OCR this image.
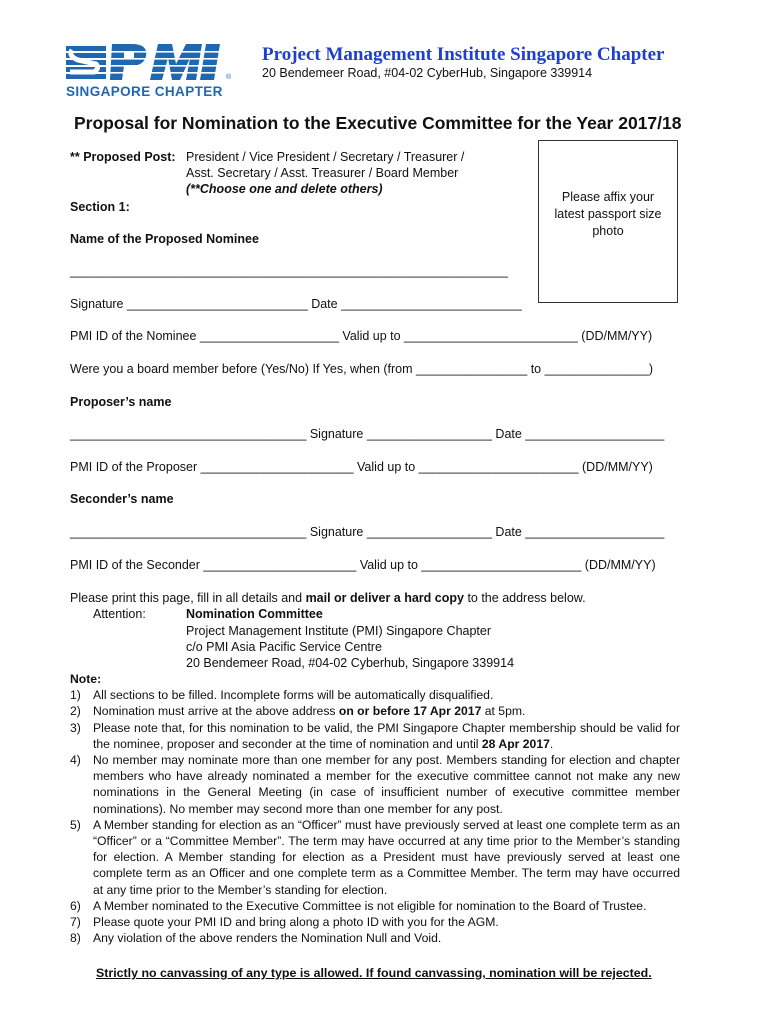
®
SINGAPORE CHAPTER
Project Management Institute Singapore Chapter
20 Bendemeer Road, #04-02 CyberHub, Singapore 339914
Proposal for Nomination to the Executive Committee for the Year 2017/18
** Proposed Post: President / Vice President / Secretary / Treasurer /
Asst. Secretary / Asst. Treasurer / Board Member
(**Choose one and delete others)
Please affix your
latest passport size
photo
Section 1:
Name of the Proposed Nominee
_______________________________________________________________
Signature __________________________ Date __________________________
PMI ID of the Nominee ____________________ Valid up to _________________________ (DD/MM/YY)
Were you a board member before (Yes/No) If Yes, when (from ________________ to _______________)
Proposer’s name
__________________________________ Signature __________________ Date ____________________
PMI ID of the Proposer ______________________ Valid up to _______________________ (DD/MM/YY)
Seconder’s name
__________________________________ Signature __________________ Date ____________________
PMI ID of the Seconder ______________________ Valid up to _______________________ (DD/MM/YY)
Please print this page, fill in all details and mail or deliver a hard copy to the address below.
Attention:	Nomination Committee
Project Management Institute (PMI) Singapore Chapter
c/o PMI Asia Pacific Service Centre
20 Bendemeer Road, #04-02 Cyberhub, Singapore 339914
Note:
1) All sections to be filled. Incomplete forms will be automatically disqualified.
2) Nomination must arrive at the above address on or before 17 Apr 2017 at 5pm.
3) Please note that, for this nomination to be valid, the PMI Singapore Chapter membership should be valid for the nominee, proposer and seconder at the time of nomination and until 28 Apr 2017.
4) No member may nominate more than one member for any post. Members standing for election and chapter members who have already nominated a member for the executive committee cannot not make any new nominations in the General Meeting (in case of insufficient number of executive committee member nominations). No member may second more than one member for any post.
5) A Member standing for election as an “Officer” must have previously served at least one complete term as an “Officer” or a “Committee Member”. The term may have occurred at any time prior to the Member’s standing for election. A Member standing for election as a President must have previously served at least one complete term as an Officer and one complete term as a Committee Member. The term may have occurred at any time prior to the Member’s standing for election.
6) A Member nominated to the Executive Committee is not eligible for nomination to the Board of Trustee.
7) Please quote your PMI ID and bring along a photo ID with you for the AGM.
8) Any violation of the above renders the Nomination Null and Void.
Strictly no canvassing of any type is allowed. If found canvassing, nomination will be rejected.
